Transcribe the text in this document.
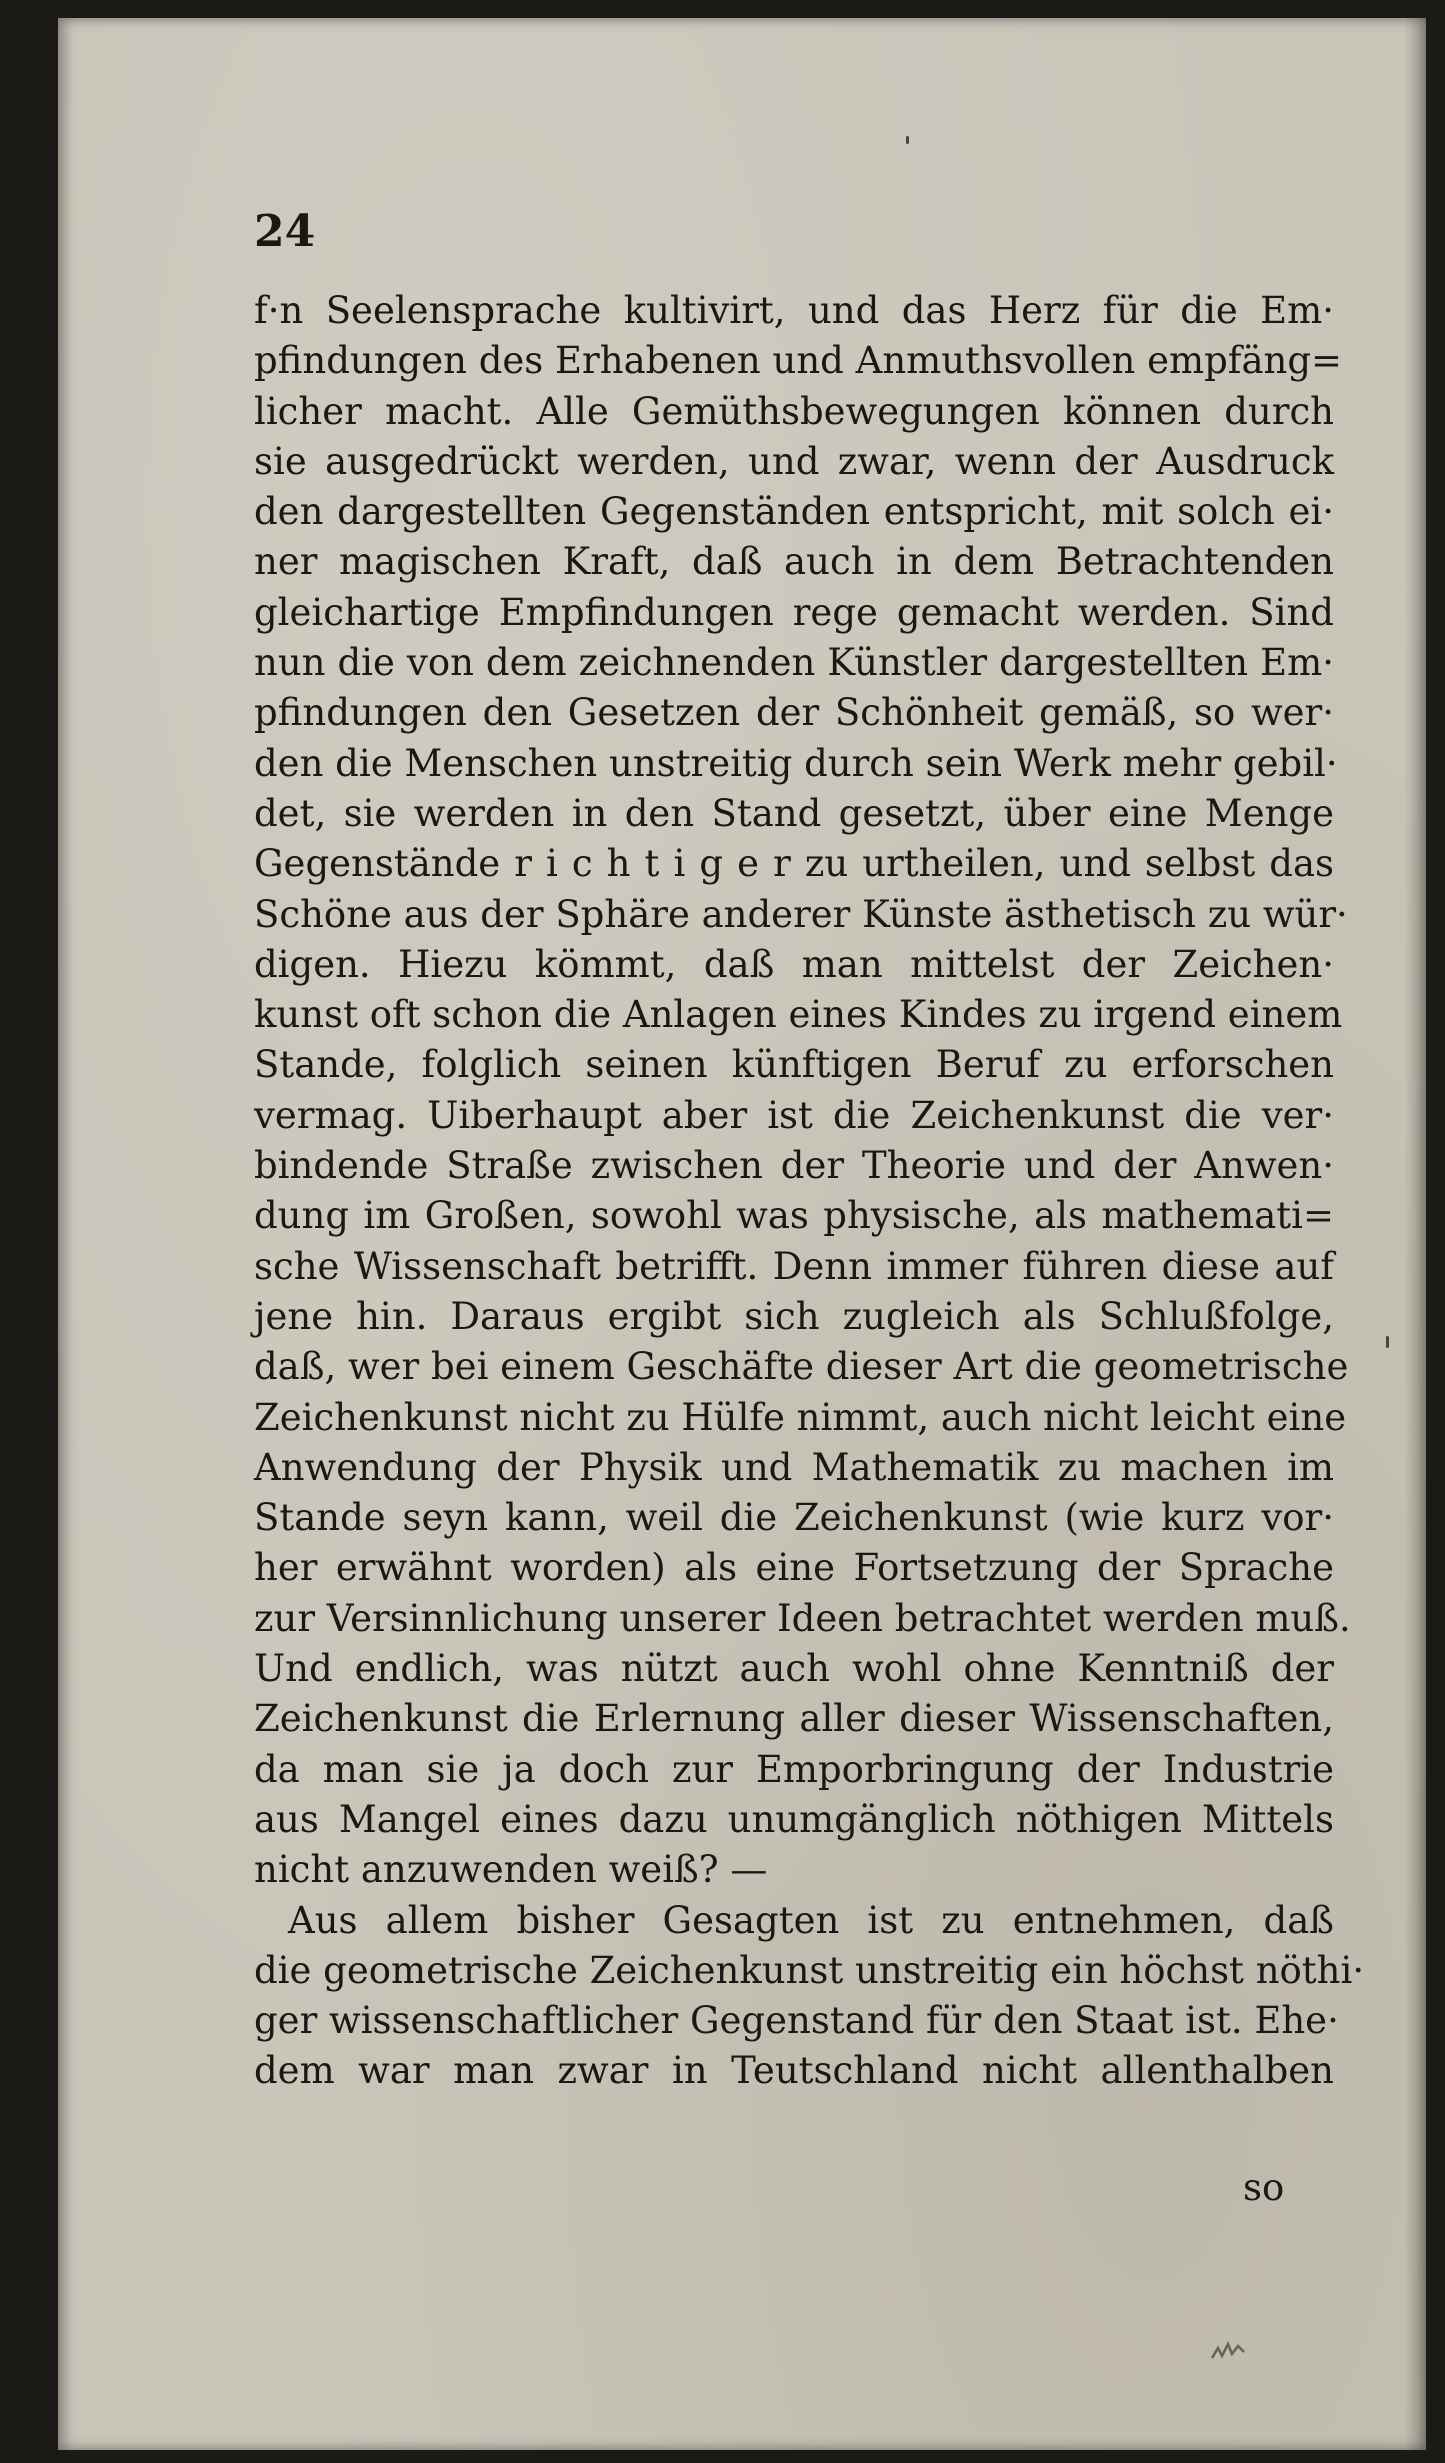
24

f·n Seelensprache kultivirt, und das Herz für die Em·
pfindungen des Erhabenen und Anmuthsvollen empfäng=
licher macht. Alle Gemüthsbewegungen können durch
sie ausgedrückt werden, und zwar, wenn der Ausdruck
den dargestellten Gegenständen entspricht, mit solch ei·
ner magischen Kraft, daß auch in dem Betrachtenden
gleichartige Empfindungen rege gemacht werden. Sind
nun die von dem zeichnenden Künstler dargestellten Em·
pfindungen den Gesetzen der Schönheit gemäß, so wer·
den die Menschen unstreitig durch sein Werk mehr gebil·
det, sie werden in den Stand gesetzt, über eine Menge
Gegenstände r i c h t i g e r zu urtheilen, und selbst das
Schöne aus der Sphäre anderer Künste ästhetisch zu wür·
digen. Hiezu kömmt, daß man mittelst der Zeichen·
kunst oft schon die Anlagen eines Kindes zu irgend einem
Stande, folglich seinen künftigen Beruf zu erforschen
vermag. Uiberhaupt aber ist die Zeichenkunst die ver·
bindende Straße zwischen der Theorie und der Anwen·
dung im Großen, sowohl was physische, als mathemati=
sche Wissenschaft betrifft. Denn immer führen diese auf
jene hin. Daraus ergibt sich zugleich als Schlußfolge,
daß, wer bei einem Geschäfte dieser Art die geometrische
Zeichenkunst nicht zu Hülfe nimmt, auch nicht leicht eine
Anwendung der Physik und Mathematik zu machen im
Stande seyn kann, weil die Zeichenkunst (wie kurz vor·
her erwähnt worden) als eine Fortsetzung der Sprache
zur Versinnlichung unserer Ideen betrachtet werden muß.
Und endlich, was nützt auch wohl ohne Kenntniß der
Zeichenkunst die Erlernung aller dieser Wissenschaften,
da man sie ja doch zur Emporbringung der Industrie
aus Mangel eines dazu unumgänglich nöthigen Mittels
nicht anzuwenden weiß? —
Aus allem bisher Gesagten ist zu entnehmen, daß
die geometrische Zeichenkunst unstreitig ein höchst nöthi·
ger wissenschaftlicher Gegenstand für den Staat ist. Ehe·
dem war man zwar in Teutschland nicht allenthalben
so
